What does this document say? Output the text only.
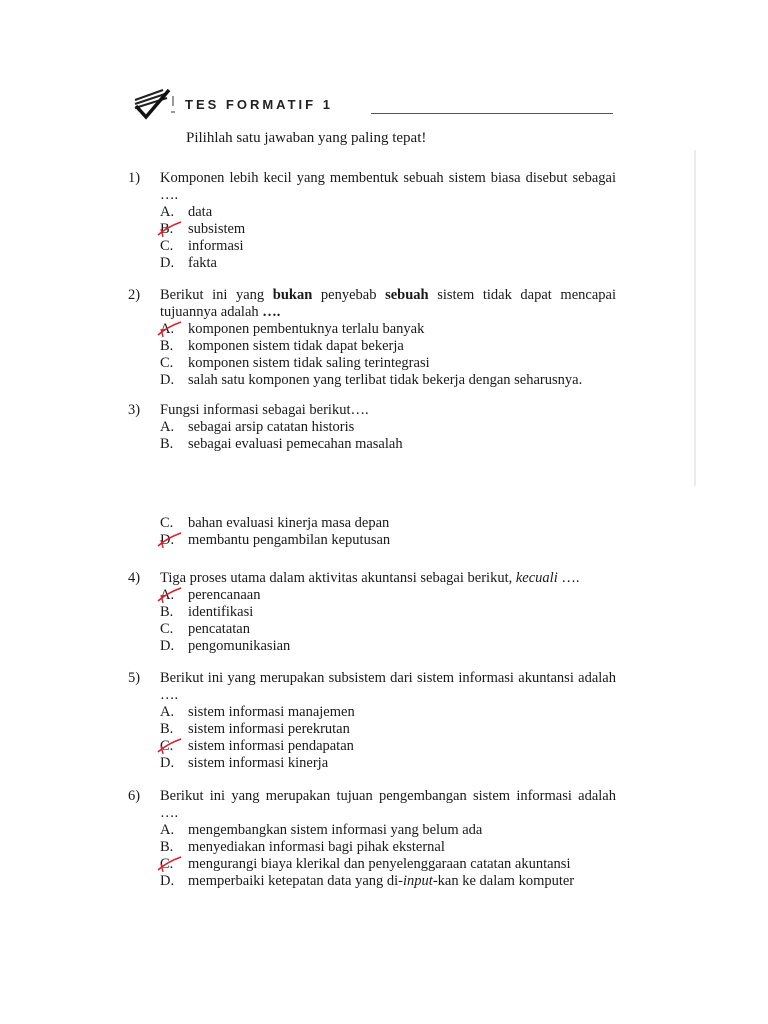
TES FORMATIF 1
Pilihlah satu jawaban yang paling tepat!
1) Komponen lebih kecil yang membentuk sebuah sistem biasa disebut sebagai ….
A. data
B. subsistem
C. informasi
D. fakta
2) Berikut ini yang bukan penyebab sebuah sistem tidak dapat mencapai tujuannya adalah ….
A. komponen pembentuknya terlalu banyak
B. komponen sistem tidak dapat bekerja
C. komponen sistem tidak saling terintegrasi
D. salah satu komponen yang terlibat tidak bekerja dengan seharusnya.
3) Fungsi informasi sebagai berikut….
A. sebagai arsip catatan historis
B. sebagai evaluasi pemecahan masalah
C. bahan evaluasi kinerja masa depan
D. membantu pengambilan keputusan
4) Tiga proses utama dalam aktivitas akuntansi sebagai berikut, kecuali ….
A. perencanaan
B. identifikasi
C. pencatatan
D. pengomunikasian
5) Berikut ini yang merupakan subsistem dari sistem informasi akuntansi adalah ….
A. sistem informasi manajemen
B. sistem informasi perekrutan
C. sistem informasi pendapatan
D. sistem informasi kinerja
6) Berikut ini yang merupakan tujuan pengembangan sistem informasi adalah ….
A. mengembangkan sistem informasi yang belum ada
B. menyediakan informasi bagi pihak eksternal
C. mengurangi biaya klerikal dan penyelenggaraan catatan akuntansi
D. memperbaiki ketepatan data yang di-input-kan ke dalam komputer
